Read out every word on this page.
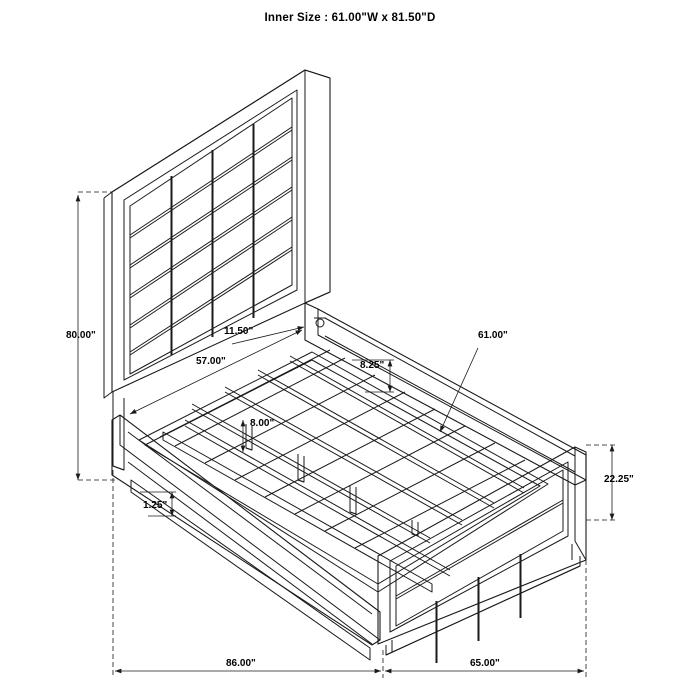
Inner Size : 61.00"W x 81.50"D
80.00"
57.00"
11.50"	61.00"
8.25"
8.00"
22.25"
1.25"
86.00"	65.00"
